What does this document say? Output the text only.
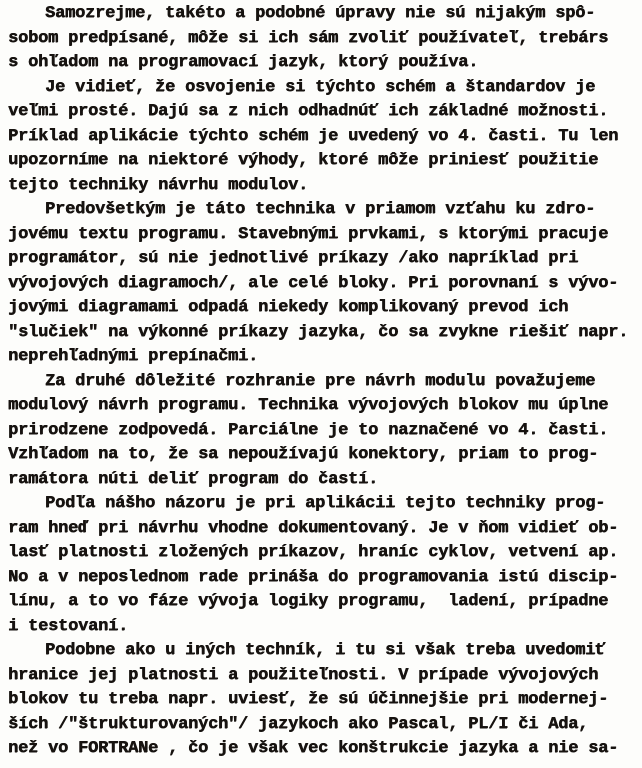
Samozrejme, takéto a podobné úpravy nie sú nijakým spô-
sobom predpísané, môže si ich sám zvoliť používateľ, trebárs
s ohľadom na programovací jazyk, ktorý používa.
Je vidieť, že osvojenie si týchto schém a štandardov je
veľmi prosté. Dajú sa z nich odhadnúť ich základné možnosti.
Príklad aplikácie týchto schém je uvedený vo 4. časti. Tu len
upozorníme na niektoré výhody, ktoré môže priniesť použitie
tejto techniky návrhu modulov.
Predovšetkým je táto technika v priamom vzťahu ku zdro-
jovému textu programu. Stavebnými prvkami, s ktorými pracuje
programátor, sú nie jednotlivé príkazy /ako napríklad pri
vývojových diagramoch/, ale celé bloky. Pri porovnaní s vývo-
jovými diagramami odpadá niekedy komplikovaný prevod ich
"slučiek" na výkonné príkazy jazyka, čo sa zvykne riešiť napr.
neprehľadnými prepínačmi.
Za druhé dôležité rozhranie pre návrh modulu považujeme
modulový návrh programu. Technika vývojových blokov mu úplne
prirodzene zodpovedá. Parciálne je to naznačené vo 4. časti.
Vzhľadom na to, že sa nepoužívajú konektory, priam to prog-
ramátora núti deliť program do častí.
Podľa nášho názoru je pri aplikácii tejto techniky prog-
ram hneď pri návrhu vhodne dokumentovaný. Je v ňom vidieť ob-
lasť platnosti zložených príkazov, hraníc cyklov, vetvení ap.
No a v neposlednom rade prináša do programovania istú discip-
línu, a to vo fáze vývoja logiky programu,  ladení, prípadne
i testovaní.
Podobne ako u iných techník, i tu si však treba uvedomiť
hranice jej platnosti a použiteľnosti. V prípade vývojových
blokov tu treba napr. uviesť, že sú účinnejšie pri modernej-
ších /"štrukturovaných"/ jazykoch ako Pascal, PL/I či Ada,
než vo FORTRANe , čo je však vec konštrukcie jazyka a nie sa-
